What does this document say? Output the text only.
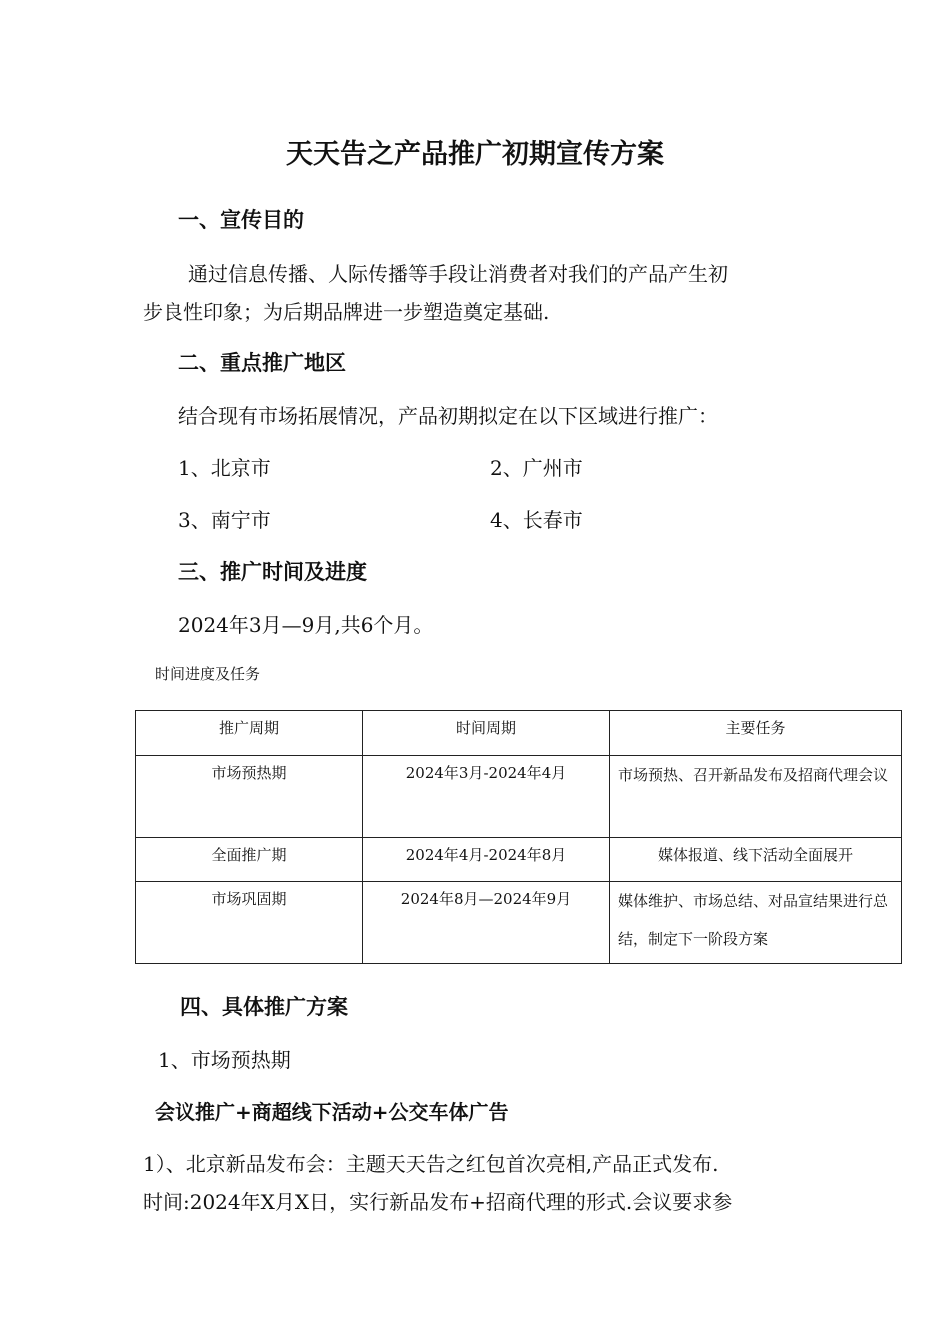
天天告之产品推广初期宣传方案
一、宣传目的
通过信息传播、人际传播等手段让消费者对我们的产品产生初
步良性印象；为后期品牌进一步塑造奠定基础.
二、重点推广地区
结合现有市场拓展情况，产品初期拟定在以下区域进行推广：
1、北京市	2、广州市
3、南宁市	4、长春市
三、推广时间及进度
2024年3月—9月,共6个月。
时间进度及任务
推广周期	时间周期	主要任务
市场预热期	2024年3月-2024年4月	市场预热、召开新品发布及招商代理会议
全面推广期	2024年4月-2024年8月	媒体报道、线下活动全面展开
市场巩固期	2024年8月—2024年9月	媒体维护、市场总结、对品宣结果进行总结，制定下一阶段方案
四、具体推广方案
1、市场预热期
会议推广+商超线下活动+公交车体广告
1）、北京新品发布会：主题天天告之红包首次亮相,产品正式发布.
时间:2024年X月X日，实行新品发布+招商代理的形式.会议要求参
